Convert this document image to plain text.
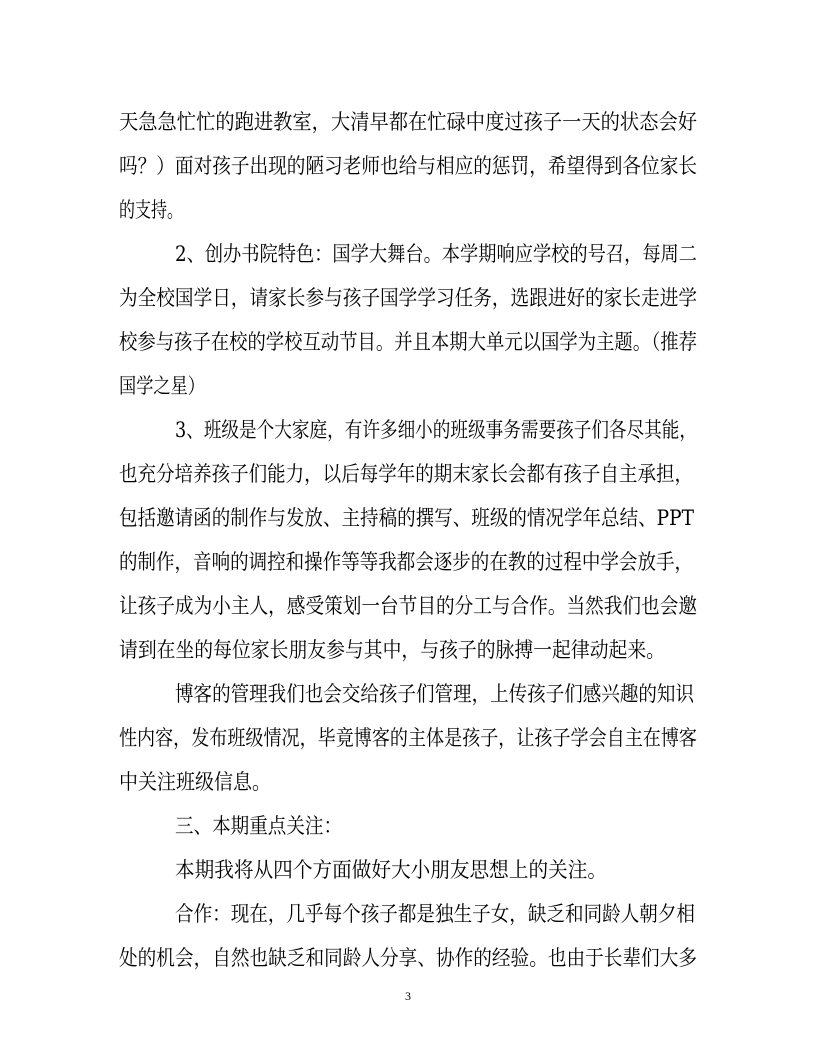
天急急忙忙的跑进教室，大清早都在忙碌中度过孩子一天的状态会好
吗？）面对孩子出现的陋习老师也给与相应的惩罚，希望得到各位家长
的支持。
2、创办书院特色：国学大舞台。本学期响应学校的号召，每周二
为全校国学日，请家长参与孩子国学学习任务，选跟进好的家长走进学
校参与孩子在校的学校互动节目。并且本期大单元以国学为主题。（推荐
国学之星）
3、班级是个大家庭，有许多细小的班级事务需要孩子们各尽其能，
也充分培养孩子们能力，以后每学年的期末家长会都有孩子自主承担，
包括邀请函的制作与发放、主持稿的撰写、班级的情况学年总结、PPT
的制作，音响的调控和操作等等我都会逐步的在教的过程中学会放手，
让孩子成为小主人，感受策划一台节目的分工与合作。当然我们也会邀
请到在坐的每位家长朋友参与其中，与孩子的脉搏一起律动起来。
博客的管理我们也会交给孩子们管理，上传孩子们感兴趣的知识
性内容，发布班级情况，毕竟博客的主体是孩子，让孩子学会自主在博客
中关注班级信息。
三、本期重点关注：
本期我将从四个方面做好大小朋友思想上的关注。
合作：现在，几乎每个孩子都是独生子女，缺乏和同龄人朝夕相
处的机会，自然也缺乏和同龄人分享、协作的经验。也由于长辈们大多
3
